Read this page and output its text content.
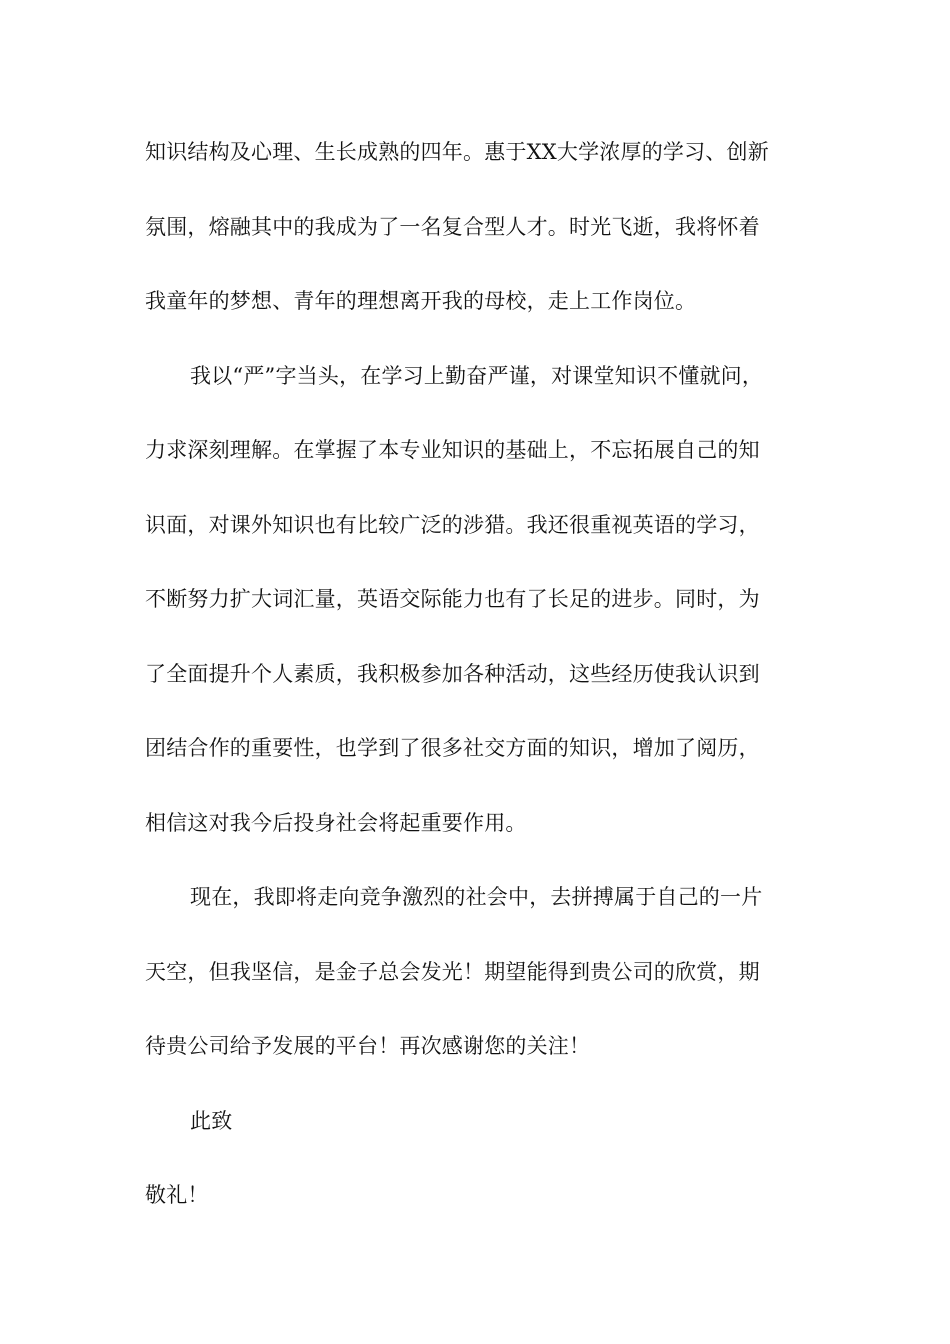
知识结构及心理、生长成熟的四年。惠于XX大学浓厚的学习、创新
氛围，熔融其中的我成为了一名复合型人才。时光飞逝，我将怀着
我童年的梦想、青年的理想离开我的母校，走上工作岗位。
我以“严”字当头，在学习上勤奋严谨，对课堂知识不懂就问，
力求深刻理解。在掌握了本专业知识的基础上，不忘拓展自己的知
识面，对课外知识也有比较广泛的涉猎。我还很重视英语的学习，
不断努力扩大词汇量，英语交际能力也有了长足的进步。同时，为
了全面提升个人素质，我积极参加各种活动，这些经历使我认识到
团结合作的重要性，也学到了很多社交方面的知识，增加了阅历，
相信这对我今后投身社会将起重要作用。
现在，我即将走向竞争激烈的社会中，去拼搏属于自己的一片
天空，但我坚信，是金子总会发光！期望能得到贵公司的欣赏，期
待贵公司给予发展的平台！再次感谢您的关注！
此致
敬礼！
